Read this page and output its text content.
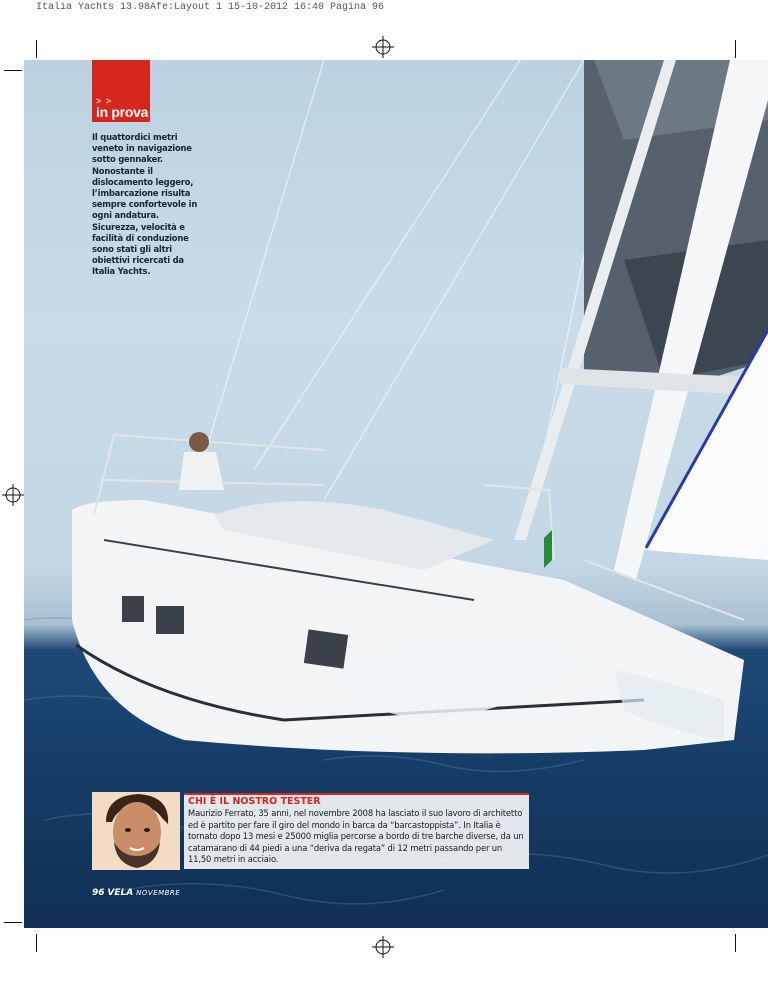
Italia Yachts 13.98Afe:Layout 1 15-10-2012 16:40 Pagina 96
> >
in prova
Il quattordici metri veneto in navigazione sotto gennaker. Nonostante il dislocamento leggero, l’imbarcazione risulta sempre confortevole in ogni andatura. Sicurezza, velocità e facilità di conduzione sono stati gli altri obiettivi ricercati da Italia Yachts.
CHI È IL NOSTRO TESTER
Maurizio Ferrato, 35 anni, nel novembre 2008 ha lasciato il suo lavoro di architetto ed è partito per fare il giro del mondo in barca da “barcastoppista”. In Italia è tornato dopo 13 mesi e 25000 miglia percorse a bordo di tre barche diverse, da un catamarano di 44 piedi a una “deriva da regata” di 12 metri passando per un 11,50 metri in acciaio.
96 VELA NOVEMBRE
